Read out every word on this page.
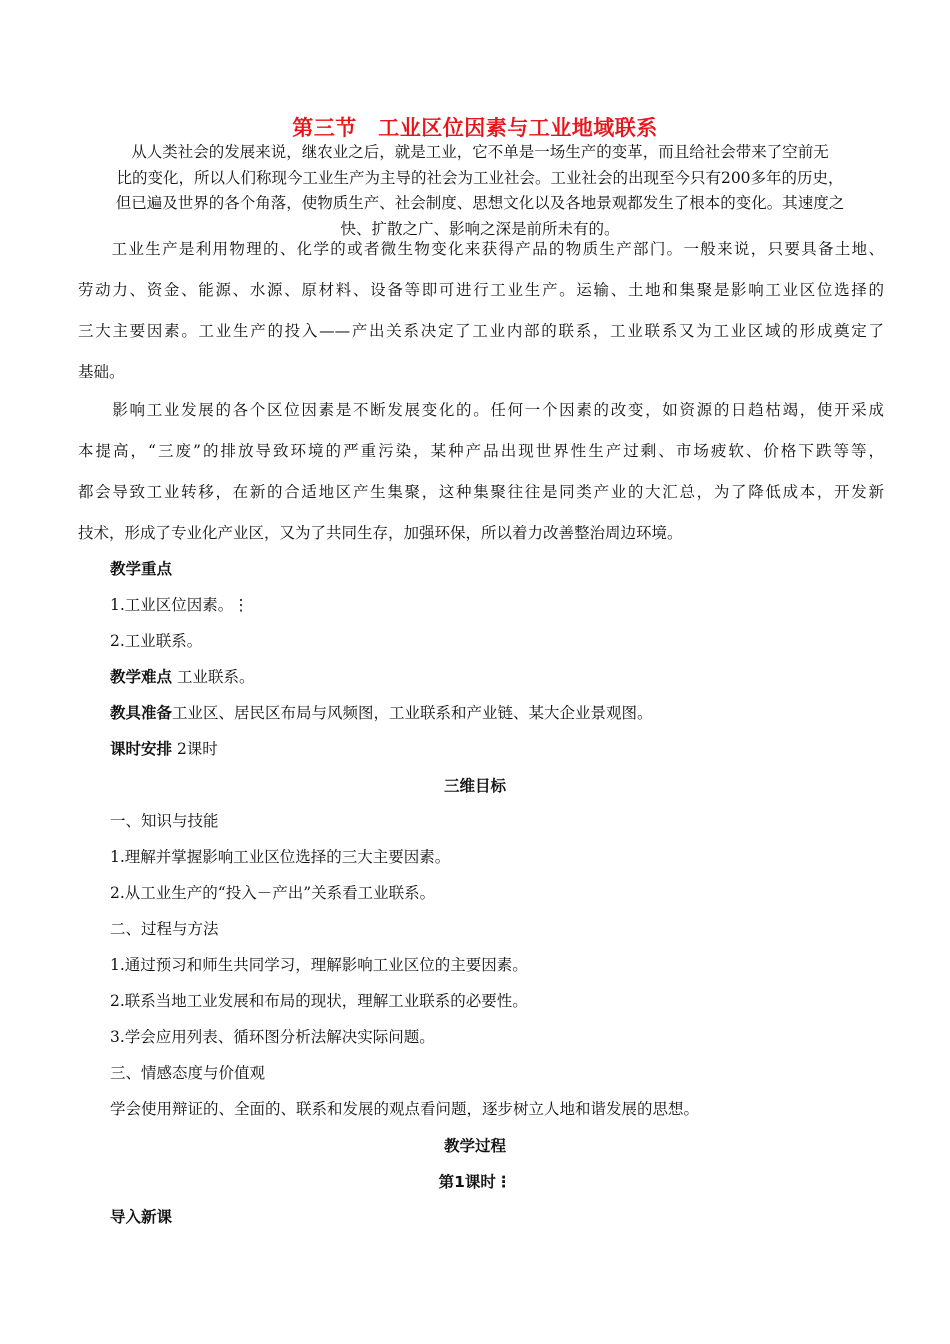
第三节　工业区位因素与工业地域联系
从人类社会的发展来说，继农业之后，就是工业，它不单是一场生产的变革，而且给社会带来了空前无
比的变化，所以人们称现今工业生产为主导的社会为工业社会。工业社会的出现至今只有200多年的历史，
但已遍及世界的各个角落，使物质生产、社会制度、思想文化以及各地景观都发生了根本的变化。其速度之
快、扩散之广、影响之深是前所未有的。
　　工业生产是利用物理的、化学的或者微生物变化来获得产品的物质生产部门。一般来说，只要具备土地、
劳动力、资金、能源、水源、原材料、设备等即可进行工业生产。运输、土地和集聚是影响工业区位选择的
三大主要因素。工业生产的投入——产出关系决定了工业内部的联系，工业联系又为工业区域的形成奠定了
基础。
　　影响工业发展的各个区位因素是不断发展变化的。任何一个因素的改变，如资源的日趋枯竭，使开采成
本提高，“三废”的排放导致环境的严重污染，某种产品出现世界性生产过剩、市场疲软、价格下跌等等，
都会导致工业转移，在新的合适地区产生集聚，这种集聚往往是同类产业的大汇总，为了降低成本，开发新
技术，形成了专业化产业区，又为了共同生存，加强环保，所以着力改善整治周边环境。
教学重点
1.工业区位因素。⋮
2.工业联系。
教学难点 工业联系。
教具准备工业区、居民区布局与风频图，工业联系和产业链、某大企业景观图。
课时安排 2课时
三维目标
一、知识与技能
1.理解并掌握影响工业区位选择的三大主要因素。
2.从工业生产的“投入－产出”关系看工业联系。
二、过程与方法
1.通过预习和师生共同学习，理解影响工业区位的主要因素。
2.联系当地工业发展和布局的现状，理解工业联系的必要性。
3.学会应用列表、循环图分析法解决实际问题。
三、情感态度与价值观
学会使用辩证的、全面的、联系和发展的观点看问题，逐步树立人地和谐发展的思想。
教学过程
第1课时⋮
导入新课
